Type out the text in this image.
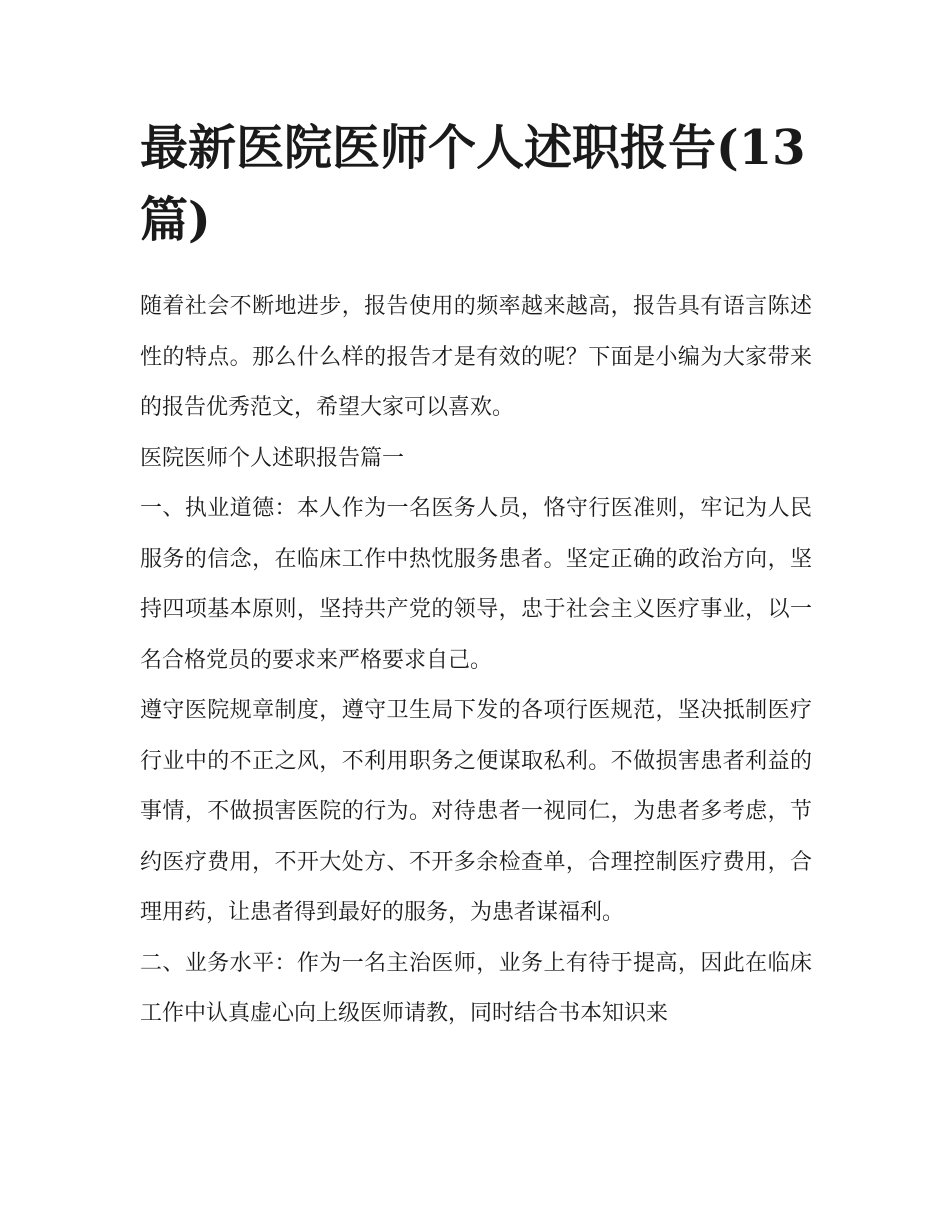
最新医院医师个人述职报告(13篇)

随着社会不断地进步，报告使用的频率越来越高，报告具有语言陈述性的特点。那么什么样的报告才是有效的呢？下面是小编为大家带来的报告优秀范文，希望大家可以喜欢。

医院医师个人述职报告篇一

一、执业道德：本人作为一名医务人员，恪守行医准则，牢记为人民服务的信念，在临床工作中热忱服务患者。坚定正确的政治方向，坚持四项基本原则，坚持共产党的领导，忠于社会主义医疗事业，以一名合格党员的要求来严格要求自己。

遵守医院规章制度，遵守卫生局下发的各项行医规范，坚决抵制医疗行业中的不正之风，不利用职务之便谋取私利。不做损害患者利益的事情，不做损害医院的行为。对待患者一视同仁，为患者多考虑，节约医疗费用，不开大处方、不开多余检查单，合理控制医疗费用，合理用药，让患者得到最好的服务，为患者谋福利。

二、业务水平：作为一名主治医师，业务上有待于提高，因此在临床工作中认真虚心向上级医师请教，同时结合书本知识来
